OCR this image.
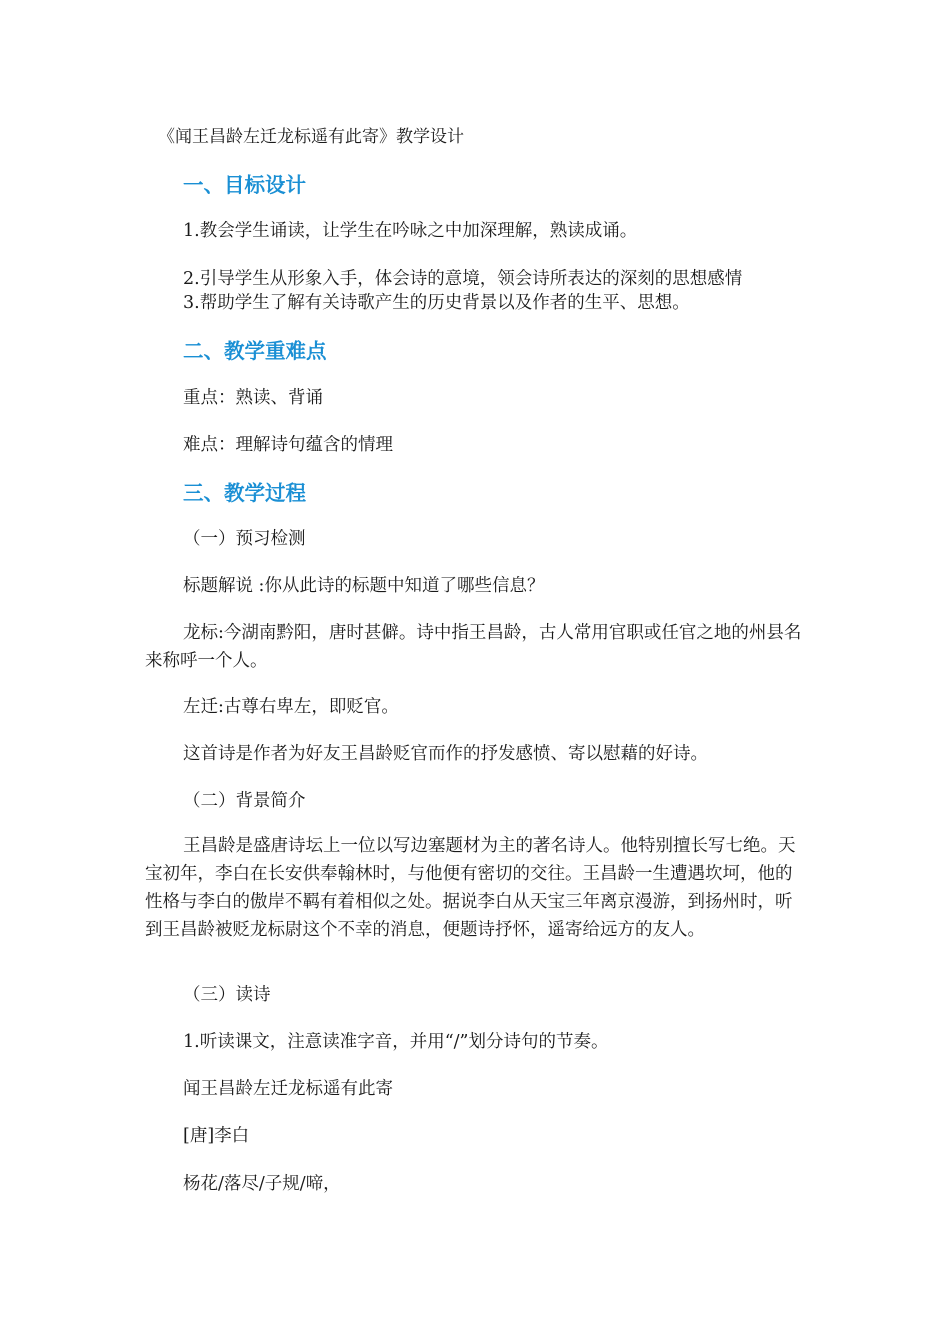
《闻王昌龄左迁龙标遥有此寄》教学设计

一、目标设计

1.教会学生诵读，让学生在吟咏之中加深理解，熟读成诵。

2.引导学生从形象入手，体会诗的意境，领会诗所表达的深刻的思想感情

3.帮助学生了解有关诗歌产生的历史背景以及作者的生平、思想。

二、教学重难点

重点：熟读、背诵

难点：理解诗句蕴含的情理

三、教学过程

（一）预习检测

标题解说 :你从此诗的标题中知道了哪些信息？

龙标:今湖南黔阳，唐时甚僻。诗中指王昌龄，古人常用官职或任官之地的州县名来称呼一个人。

左迁:古尊右卑左，即贬官。

这首诗是作者为好友王昌龄贬官而作的抒发感愤、寄以慰藉的好诗。

（二）背景简介

王昌龄是盛唐诗坛上一位以写边塞题材为主的著名诗人。他特别擅长写七绝。天宝初年，李白在长安供奉翰林时，与他便有密切的交往。王昌龄一生遭遇坎坷，他的性格与李白的傲岸不羁有着相似之处。据说李白从天宝三年离京漫游，到扬州时，听到王昌龄被贬龙标尉这个不幸的消息，便题诗抒怀，遥寄给远方的友人。

（三）读诗

1.听读课文，注意读准字音，并用“/”划分诗句的节奏。

闻王昌龄左迁龙标遥有此寄

[唐]李白

杨花/落尽/子规/啼，
